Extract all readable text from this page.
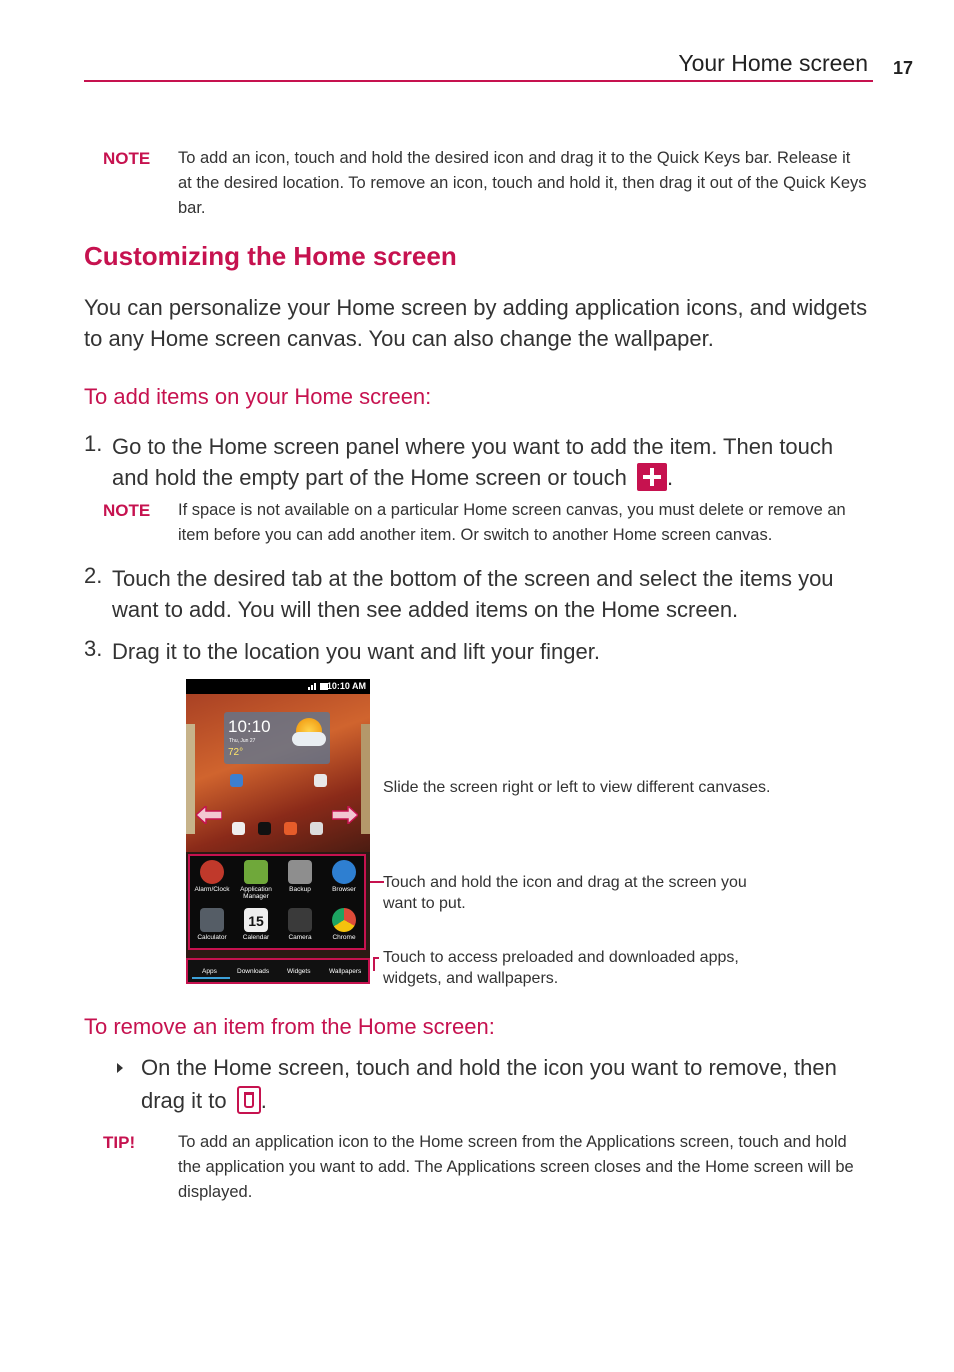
Your Home screen 17
NOTE To add an icon, touch and hold the desired icon and drag it to the Quick Keys bar. Release it at the desired location. To remove an icon, touch and hold it, then drag it out of the Quick Keys bar.
Customizing the Home screen
You can personalize your Home screen by adding application icons, and widgets to any Home screen canvas. You can also change the wallpaper.
To add items on your Home screen:
1. Go to the Home screen panel where you want to add the item. Then touch and hold the empty part of the Home screen or touch .
NOTE If space is not available on a particular Home screen canvas, you must delete or remove an item before you can add another item. Or switch to another Home screen canvas.
2. Touch the desired tab at the bottom of the screen and select the items you want to add. You will then see added items on the Home screen.
3. Drag it to the location you want and lift your finger.
10:10 AM
10:10
Thu, Jun 27
72°
Alarm/Clock	Application Manager
Backup	Browser
Calculator
15
Calendar	Camera	Chrome
Apps	Downloads	Widgets	Wallpapers
Slide the screen right or left to view different canvases.
Touch and hold the icon and drag at the screen you want to put.
Touch to access preloaded and downloaded apps, widgets, and wallpapers.
To remove an item from the Home screen:
On the Home screen, touch and hold the icon you want to remove, then drag it to .
TIP!	To add an application icon to the Home screen from the Applications screen, touch and hold the application you want to add. The Applications screen closes and the Home screen will be displayed.
